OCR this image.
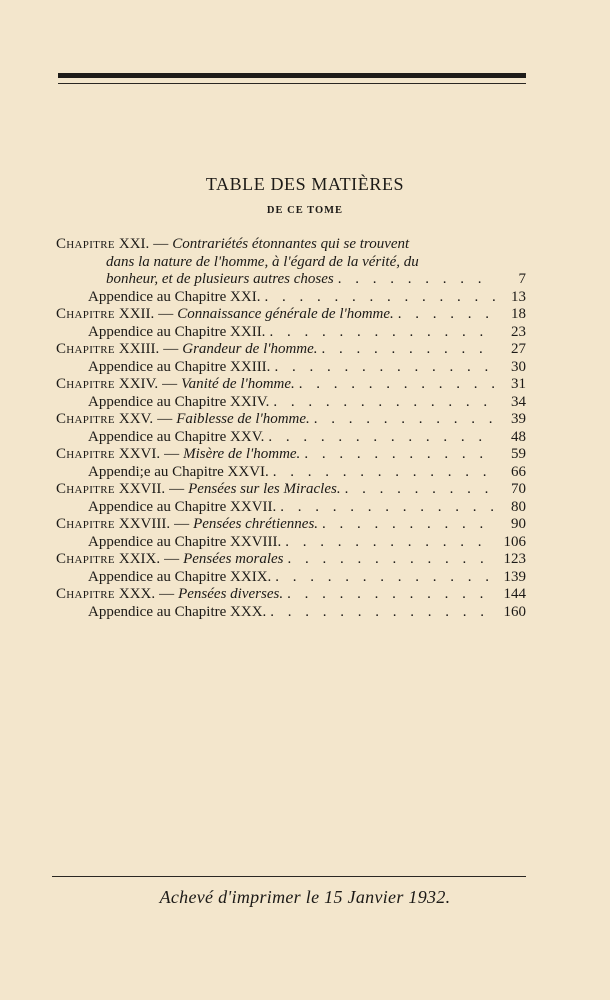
TABLE DES MATIÈRES
DE CE TOME
Chapitre XXI. — Contrariétés étonnantes qui se trouvent
dans la nature de l'homme, à l'égard de la vérité, du
bonheur, et de plusieurs autres choses . . .	7
Appendice au Chapitre XXI. . . .	13
Chapitre XXII. — Connaissance générale de l'homme. . . .	18
Appendice au Chapitre XXII. . . .	23
Chapitre XXIII. — Grandeur de l'homme. . . .	27
Appendice au Chapitre XXIII. . . .	30
Chapitre XXIV. — Vanité de l'homme. . . .	31
Appendice au Chapitre XXIV. . . .	34
Chapitre XXV. — Faiblesse de l'homme. . . .	39
Appendice au Chapitre XXV. . . .	48
Chapitre XXVI. — Misère de l'homme. . . .	59
Appendi;e au Chapitre XXVI. . . .	66
Chapitre XXVII. — Pensées sur les Miracles. . . .	70
Appendice au Chapitre XXVII. . . .	80
Chapitre XXVIII. — Pensées chrétiennes. . . .	90
Appendice au Chapitre XXVIII. . . .	106
Chapitre XXIX. — Pensées morales . . .	123
Appendice au Chapitre XXIX. . . .	139
Chapitre XXX. — Pensées diverses. . . .	144
Appendice au Chapitre XXX. . . .	160
Achevé d'imprimer le 15 Janvier 1932.
